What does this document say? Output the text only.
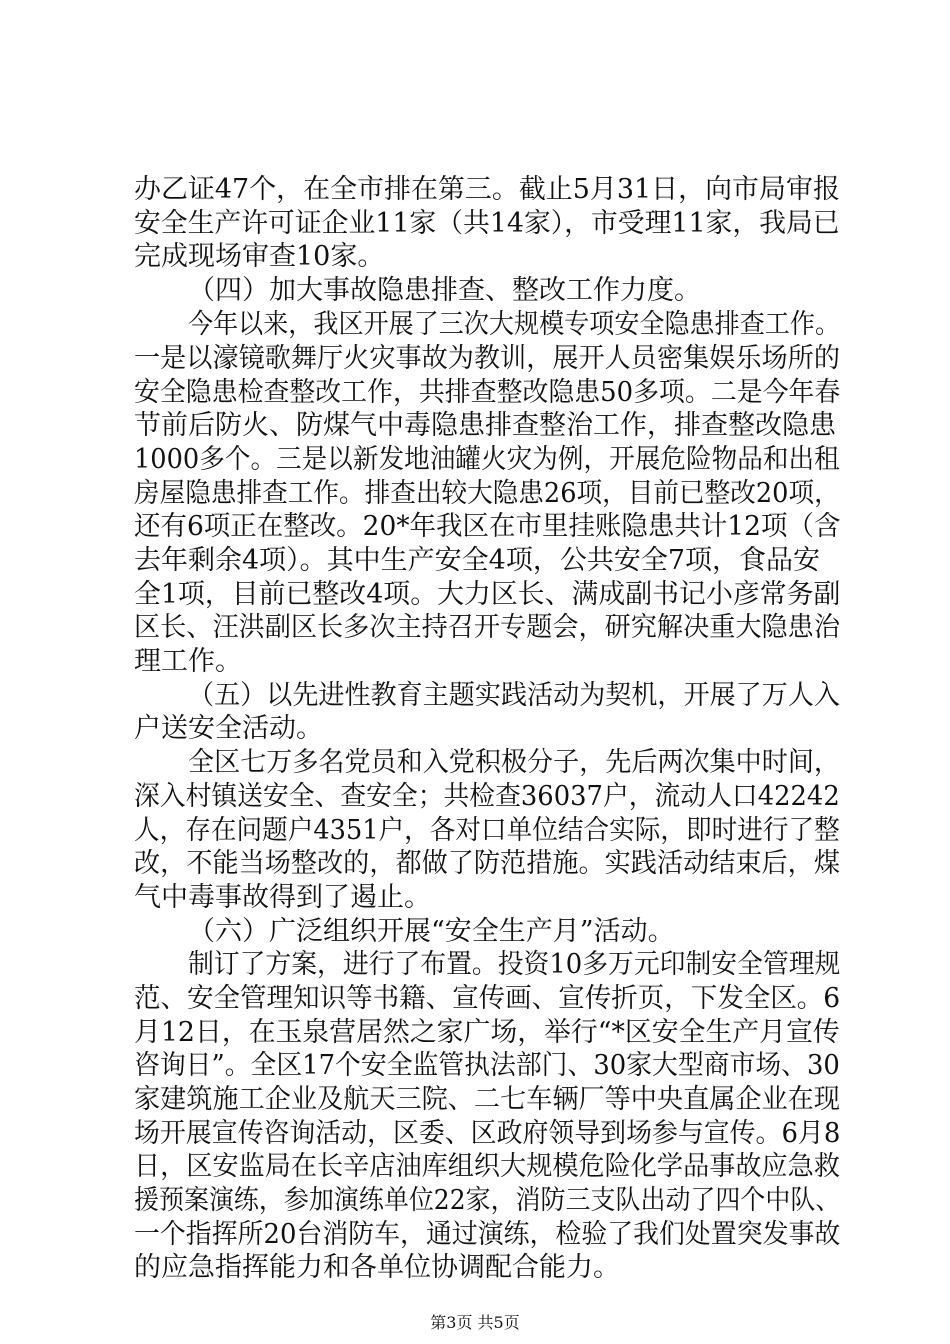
办乙证47个，在全市排在第三。截止5月31日，向市局审报
安全生产许可证企业11家（共14家），市受理11家，我局已
完成现场审查10家。
（四）加大事故隐患排查、整改工作力度。
今年以来，我区开展了三次大规模专项安全隐患排查工作。
一是以濠镜歌舞厅火灾事故为教训，展开人员密集娱乐场所的
安全隐患检查整改工作，共排查整改隐患50多项。二是今年春
节前后防火、防煤气中毒隐患排查整治工作，排查整改隐患
1000多个。三是以新发地油罐火灾为例，开展危险物品和出租
房屋隐患排查工作。排查出较大隐患26项，目前已整改20项，
还有6项正在整改。20*年我区在市里挂账隐患共计12项（含
去年剩余4项）。其中生产安全4项，公共安全7项，食品安
全1项，目前已整改4项。大力区长、满成副书记小彦常务副
区长、汪洪副区长多次主持召开专题会，研究解决重大隐患治
理工作。
（五）以先进性教育主题实践活动为契机，开展了万人入
户送安全活动。
全区七万多名党员和入党积极分子，先后两次集中时间，
深入村镇送安全、查安全；共检查36037户，流动人口42242
人，存在问题户4351户，各对口单位结合实际，即时进行了整
改，不能当场整改的，都做了防范措施。实践活动结束后，煤
气中毒事故得到了遏止。
（六）广泛组织开展“安全生产月”活动。
制订了方案，进行了布置。投资10多万元印制安全管理规
范、安全管理知识等书籍、宣传画、宣传折页，下发全区。6
月12日，在玉泉营居然之家广场，举行“*区安全生产月宣传
咨询日”。全区17个安全监管执法部门、30家大型商市场、30
家建筑施工企业及航天三院、二七车辆厂等中央直属企业在现
场开展宣传咨询活动，区委、区政府领导到场参与宣传。6月8
日，区安监局在长辛店油库组织大规模危险化学品事故应急救
援预案演练，参加演练单位22家，消防三支队出动了四个中队、
一个指挥所20台消防车，通过演练，检验了我们处置突发事故
的应急指挥能力和各单位协调配合能力。
第3页 共5页
